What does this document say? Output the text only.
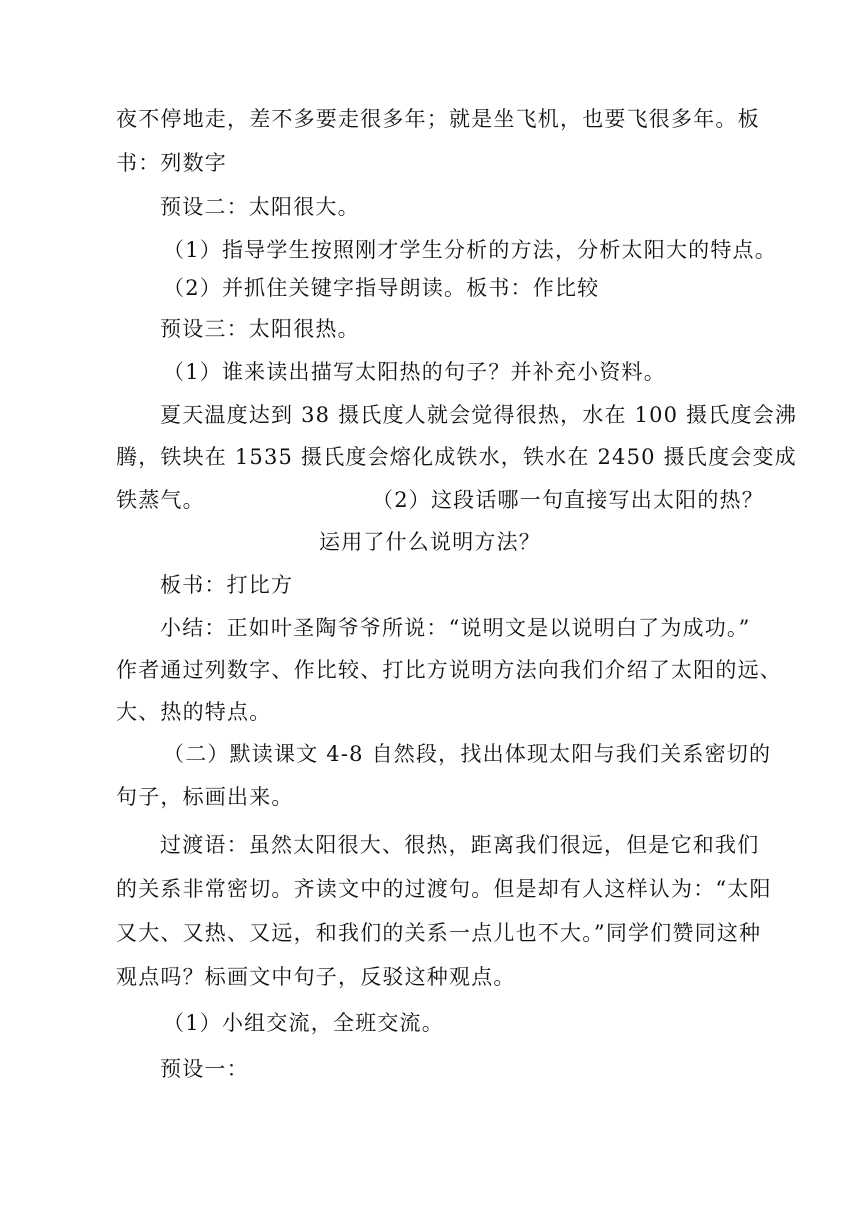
夜不停地走，差不多要走很多年；就是坐飞机，也要飞很多年。板
书：列数字
预设二：太阳很大。
（1）指导学生按照刚才学生分析的方法，分析太阳大的特点。
（2）并抓住关键字指导朗读。板书：作比较
预设三：太阳很热。
（1）谁来读出描写太阳热的句子？并补充小资料。
夏天温度达到 38 摄氏度人就会觉得很热，水在 100 摄氏度会沸
腾，铁块在 1535 摄氏度会熔化成铁水，铁水在 2450 摄氏度会变成
铁蒸气。	（2）这段话哪一句直接写出太阳的热？
运用了什么说明方法？
板书：打比方
小结：正如叶圣陶爷爷所说：“说明文是以说明白了为成功。”
作者通过列数字、作比较、打比方说明方法向我们介绍了太阳的远、
大、热的特点。
（二）默读课文 4-8 自然段，找出体现太阳与我们关系密切的
句子，标画出来。
过渡语：虽然太阳很大、很热，距离我们很远，但是它和我们
的关系非常密切。齐读文中的过渡句。但是却有人这样认为：“太阳
又大、又热、又远，和我们的关系一点儿也不大。”同学们赞同这种
观点吗？标画文中句子，反驳这种观点。
（1）小组交流，全班交流。
预设一：
